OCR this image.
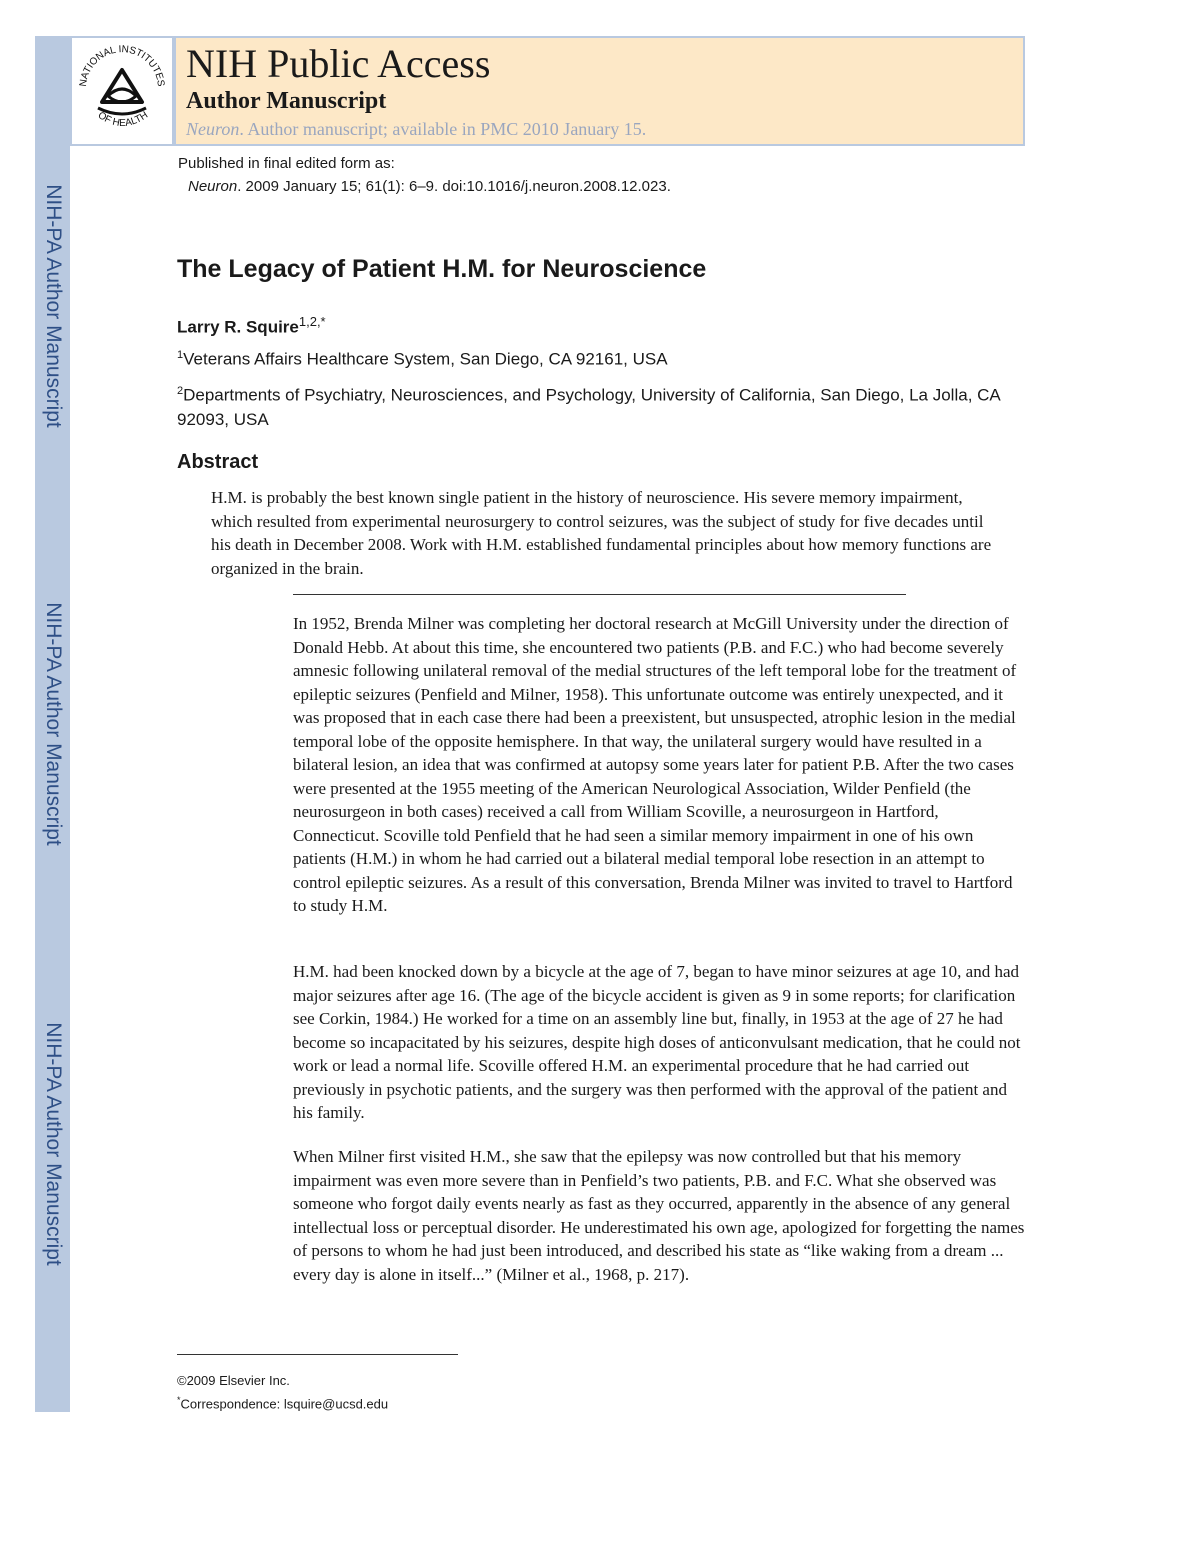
NIH-PA Author Manuscript
NIH-PA Author Manuscript
NIH-PA Author Manuscript
NATIONAL INSTITUTES
OF HEALTH
NIH Public Access
Author Manuscript
Neuron. Author manuscript; available in PMC 2010 January 15.
Published in final edited form as:
Neuron. 2009 January 15; 61(1): 6–9. doi:10.1016/j.neuron.2008.12.023.
The Legacy of Patient H.M. for Neuroscience
Larry R. Squire$^{1,2,*}$
$^1$Veterans Affairs Healthcare System, San Diego, CA 92161, USA
$^2$Departments of Psychiatry, Neurosciences, and Psychology, University of California, San Diego, La Jolla, CA 92093, USA
Abstract
H.M. is probably the best known single patient in the history of neuroscience. His severe memory impairment, which resulted from experimental neurosurgery to control seizures, was the subject of study for five decades until his death in December 2008. Work with H.M. established fundamental principles about how memory functions are organized in the brain.
In 1952, Brenda Milner was completing her doctoral research at McGill University under the direction of Donald Hebb. At about this time, she encountered two patients (P.B. and F.C.) who had become severely amnesic following unilateral removal of the medial structures of the left temporal lobe for the treatment of epileptic seizures (Penfield and Milner, 1958). This unfortunate outcome was entirely unexpected, and it was proposed that in each case there had been a preexistent, but unsuspected, atrophic lesion in the medial temporal lobe of the opposite hemisphere. In that way, the unilateral surgery would have resulted in a bilateral lesion, an idea that was confirmed at autopsy some years later for patient P.B. After the two cases were presented at the 1955 meeting of the American Neurological Association, Wilder Penfield (the neurosurgeon in both cases) received a call from William Scoville, a neurosurgeon in Hartford, Connecticut. Scoville told Penfield that he had seen a similar memory impairment in one of his own patients (H.M.) in whom he had carried out a bilateral medial temporal lobe resection in an attempt to control epileptic seizures. As a result of this conversation, Brenda Milner was invited to travel to Hartford to study H.M.
H.M. had been knocked down by a bicycle at the age of 7, began to have minor seizures at age 10, and had major seizures after age 16. (The age of the bicycle accident is given as 9 in some reports; for clarification see Corkin, 1984.) He worked for a time on an assembly line but, finally, in 1953 at the age of 27 he had become so incapacitated by his seizures, despite high doses of anticonvulsant medication, that he could not work or lead a normal life. Scoville offered H.M. an experimental procedure that he had carried out previously in psychotic patients, and the surgery was then performed with the approval of the patient and his family.
When Milner first visited H.M., she saw that the epilepsy was now controlled but that his memory impairment was even more severe than in Penfield’s two patients, P.B. and F.C. What she observed was someone who forgot daily events nearly as fast as they occurred, apparently in the absence of any general intellectual loss or perceptual disorder. He underestimated his own age, apologized for forgetting the names of persons to whom he had just been introduced, and described his state as “like waking from a dream ... every day is alone in itself...” (Milner et al., 1968, p. 217).
©2009 Elsevier Inc.
*Correspondence: lsquire@ucsd.edu
